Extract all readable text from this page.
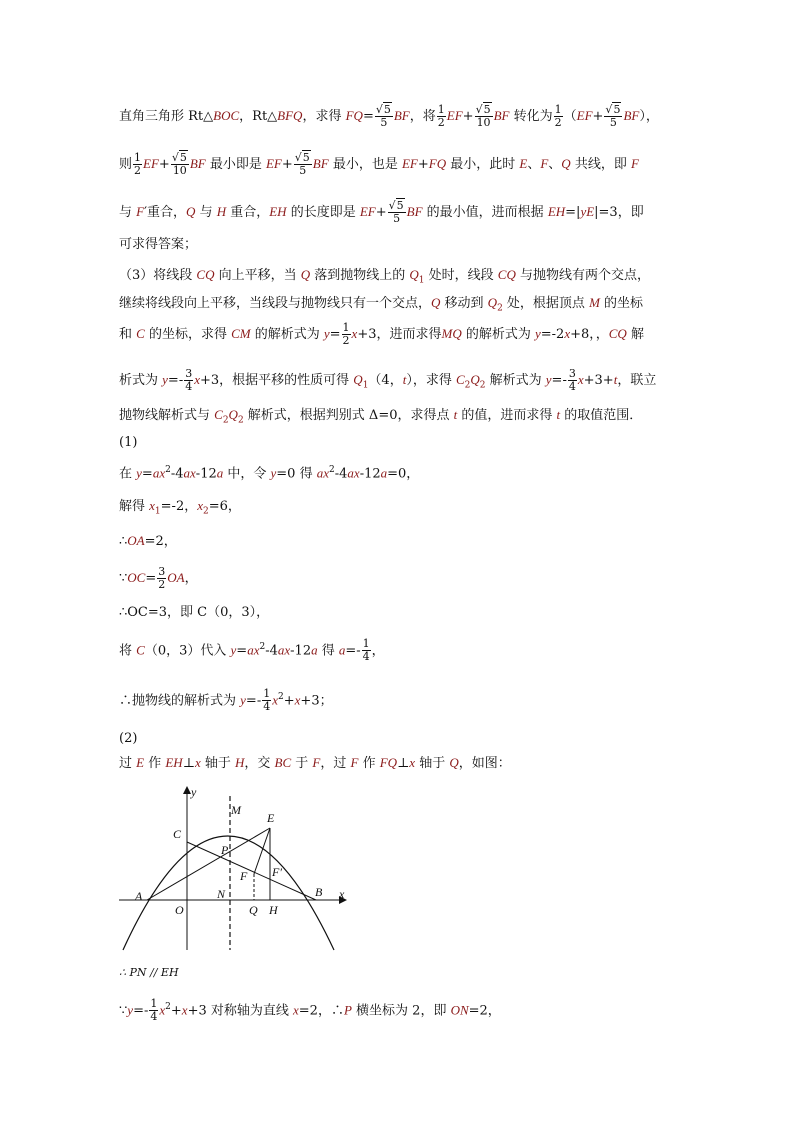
直角三角形 Rt△BOC，Rt△BFQ，求得 $FQ= \frac{√5}{5}$ BF，将 $\frac{1}{2} EF+ \frac{√5}{10}$ BF 转化为 $\frac{1}{2} (EF+ \frac{√5}{5} BF)$，
则 $\frac{1}{2} EF+ \frac{√5}{10}$ BF 最小即是 $EF+ \frac{√5}{5}$ BF 最小，也是 EF+FQ 最小，此时 E、F、Q 共线，即 F
与 F′重合，Q 与 H 重合，EH 的长度即是 $EF+ \frac{√5}{5}$ BF 的最小值，进而根据 EH=|yE|=3，即
可求得答案；
（3）将线段 CQ 向上平移，当 Q 落到抛物线上的 $Q_1$ 处时，线段 CQ 与抛物线有两个交点，
继续将线段向上平移，当线段与抛物线只有一个交点，Q 移动到 $Q_2$ 处，根据顶点 M 的坐标
和 C 的坐标，求得 CM 的解析式为 $y= \frac{1}{2} x+3$，进而求得MQ 的解析式为 y=-2x+8，，CQ 解
析式为 $y=- \frac{3}{4} x+3$，根据平移的性质可得 $Q_1(4$，t），求得 $C_2Q_2$ 解析式为 $y=- \frac{3}{4} x+3+t$，联立
抛物线解析式与 $C_2Q_2$ 解析式，根据判别式 Δ=0，求得点 t 的值，进而求得 t 的取值范围．
(1)
在 $y=ax^2-4ax-12a$ 中，令 y=0 得 $ax^2-4ax-12a=0$，
解得 $x_1=-2$，$x_2=6$，
∴OA=2，
∵OC= $\frac{3}{2}$ OA，
∴OC=3，即 C（0，3），
将 C（0，3）代入 $y=ax^2-4ax-12a$ 得 $a=- \frac{1}{4}$ ，
∴抛物线的解析式为 $y=- \frac{1}{4} x^2+x+3$；
(2)
过 E 作 EH⊥x 轴于 H，交 BC 于 F，过 F 作 FQ⊥x 轴于 Q，如图：
y
x
M
E
C
P
F F′
A
O
N
Q H
B
∴ PN // EH
∵y=- $\frac{1}{4} x^2+x+3$ 对称轴为直线 x=2，∴P 横坐标为 2，即 ON=2，
